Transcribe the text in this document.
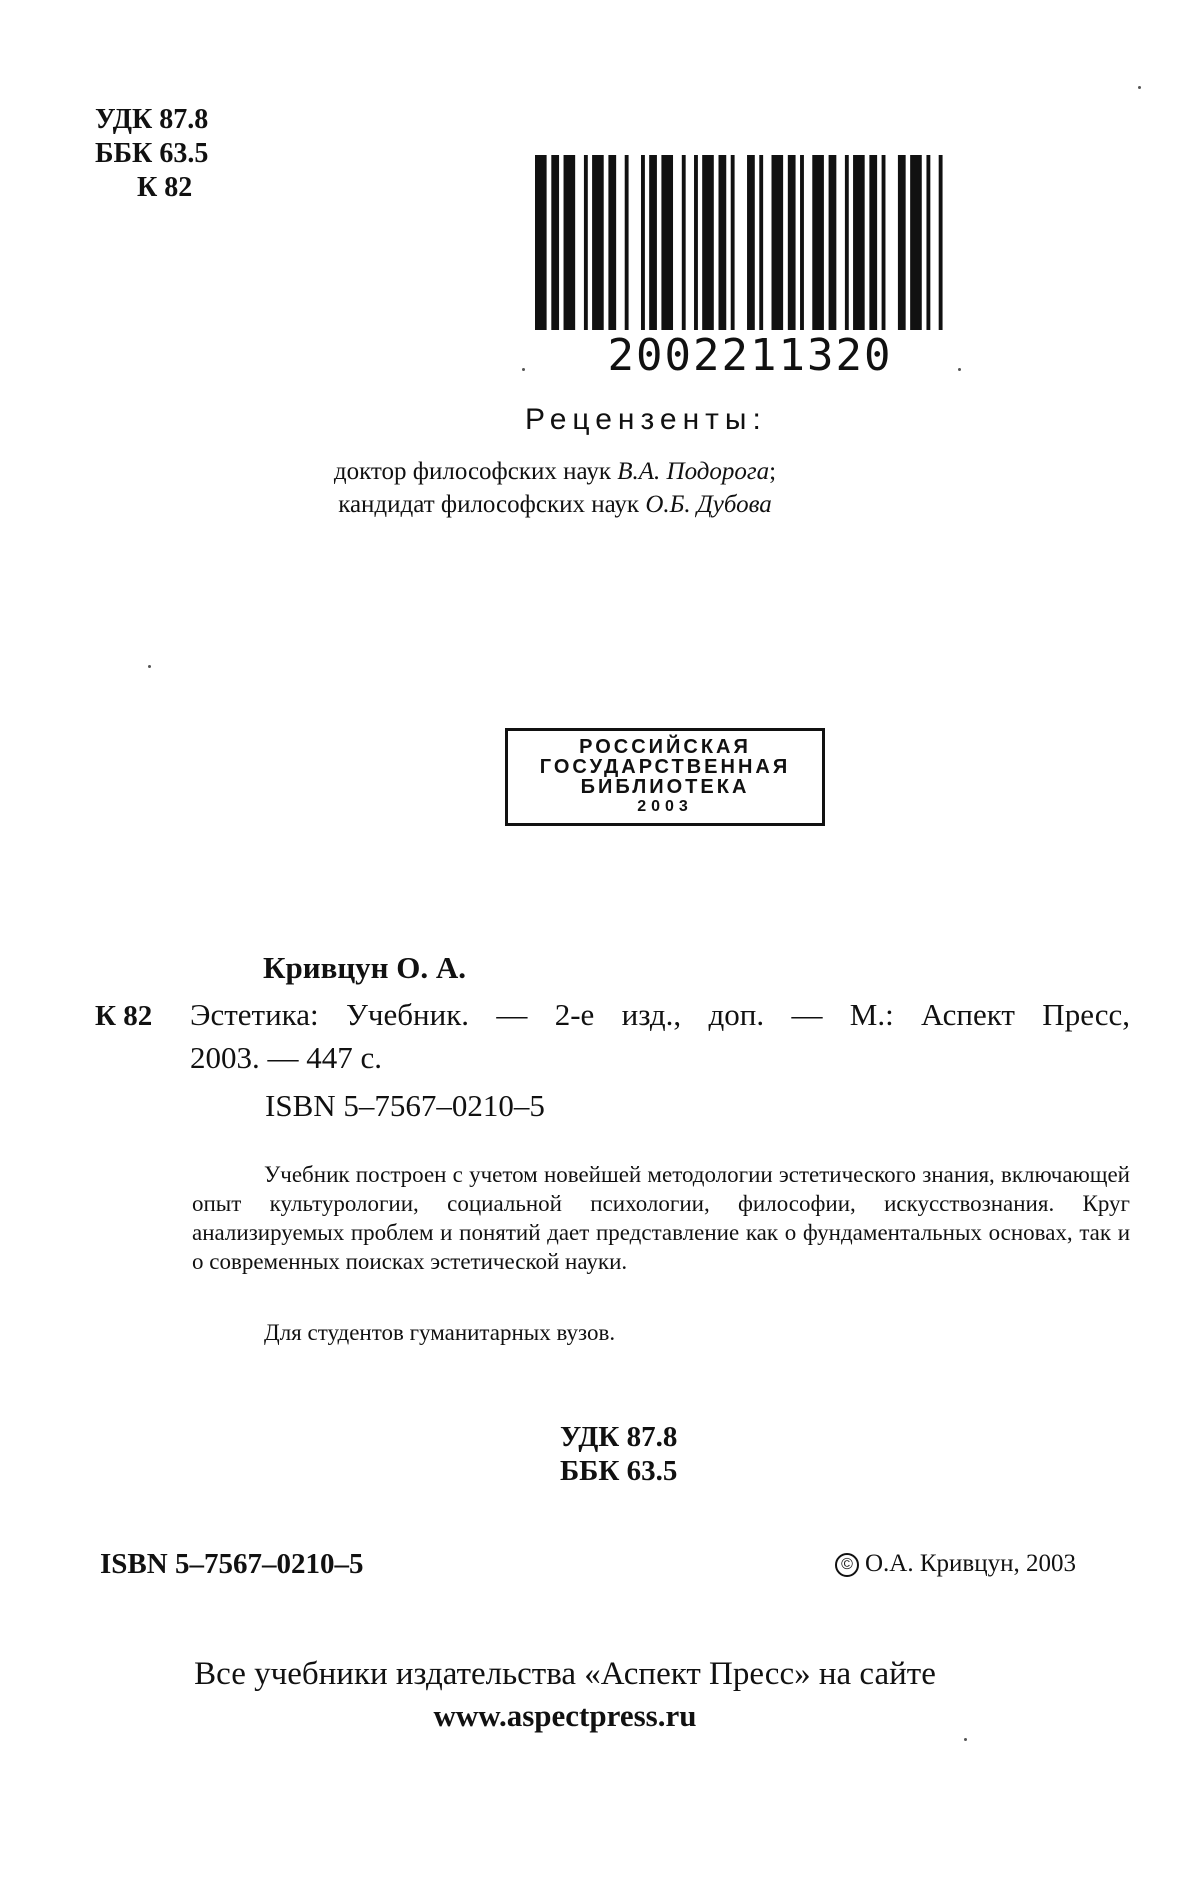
УДК 87.8
ББК 63.5
К 82
2002211320
Рецензенты:
доктор философских наук В.А. Подорога;
кандидат философских наук О.Б. Дубова
РОССИЙСКАЯ
ГОСУДАРСТВЕННАЯ
БИБЛИОТЕКА
2003
Кривцун О. А.
К 82 Эстетика: Учебник. — 2-е изд., доп. — М.: Аспект Пресс,
2003. — 447 с.
ISBN 5–7567–0210–5
Учебник построен с учетом новейшей методологии эстетического знания, включающей опыт культурологии, социальной психологии, философии, искусствознания. Круг анализируемых проблем и понятий дает представление как о фундаментальных основах, так и о современных поисках эстетической науки.
Для студентов гуманитарных вузов.
УДК 87.8
ББК 63.5
ISBN 5–7567–0210–5	© О.А. Кривцун, 2003
Все учебники издательства «Аспект Пресс» на сайте
www.aspectpress.ru
